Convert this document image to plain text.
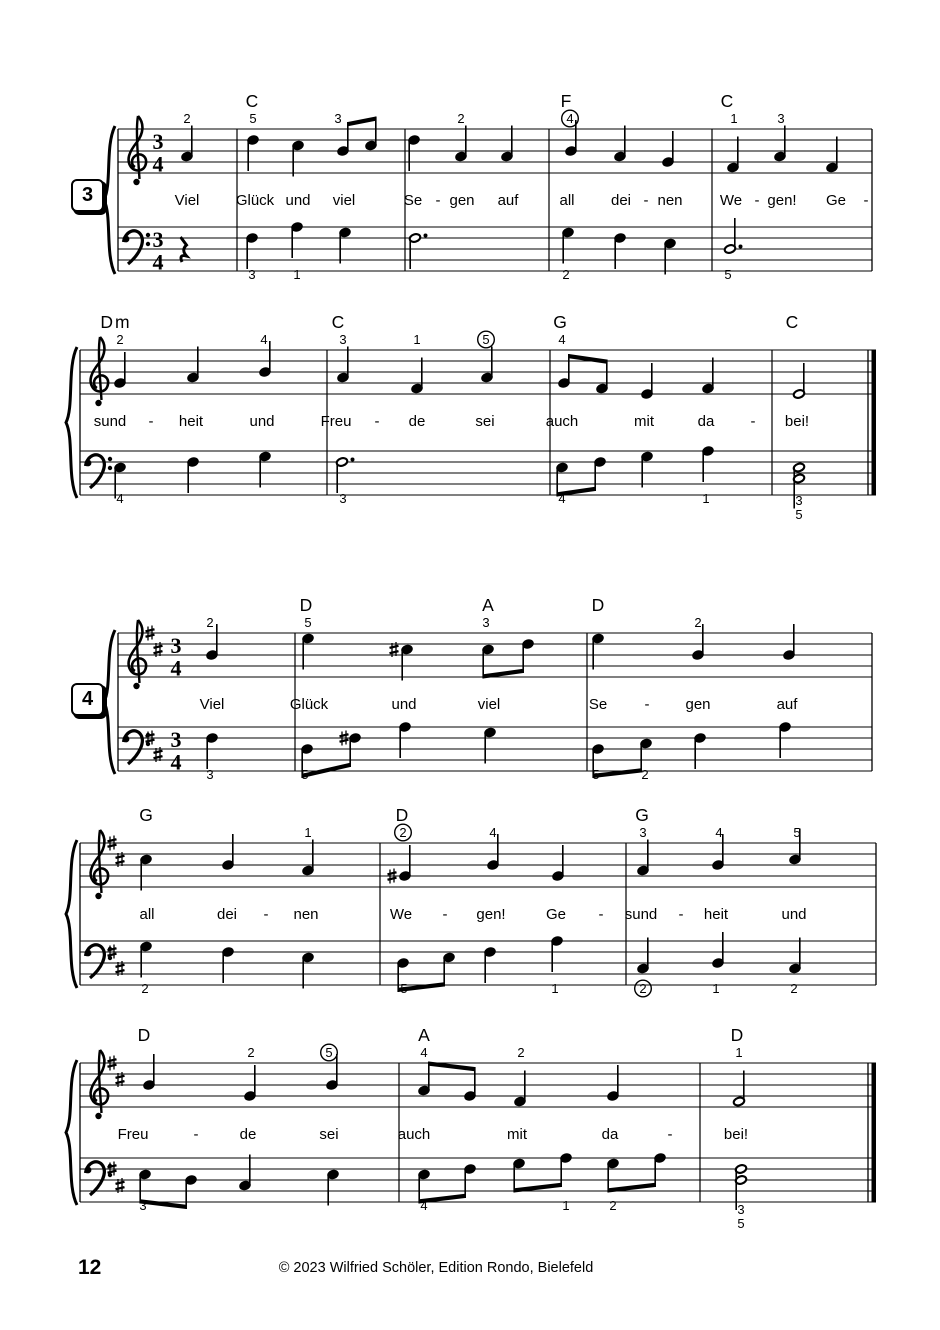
3
4
3
4
C	F	C
2	5	3	2	4	1	3
Viel Glück und viel	Se - gen auf	all dei - nen We - gen! Ge -
3	1	2	5
Dm	C	G	C
2	4	3	1	5	4
sund - heit	und	Freu - de	sei	auch	mit	da - bei!
4	3	4	1	3
5
3
4
3
4
D	A	D
2	5	3	2
Viel	Glück	und	viel	Se - gen	auf
3	5	5	2
G	D	G
1	2	4	3	4	5
all	dei - nen	We - gen!	Ge - sund - heit	und
2	5	1	2	1	2
D	A	D
2	5	4	2	1
Freu	-	de	sei	auch	mit	da	-	bei!
3	4	1	2	3
5
3
4
12	© 2023 Wilfried Schöler, Edition Rondo, Bielefeld
